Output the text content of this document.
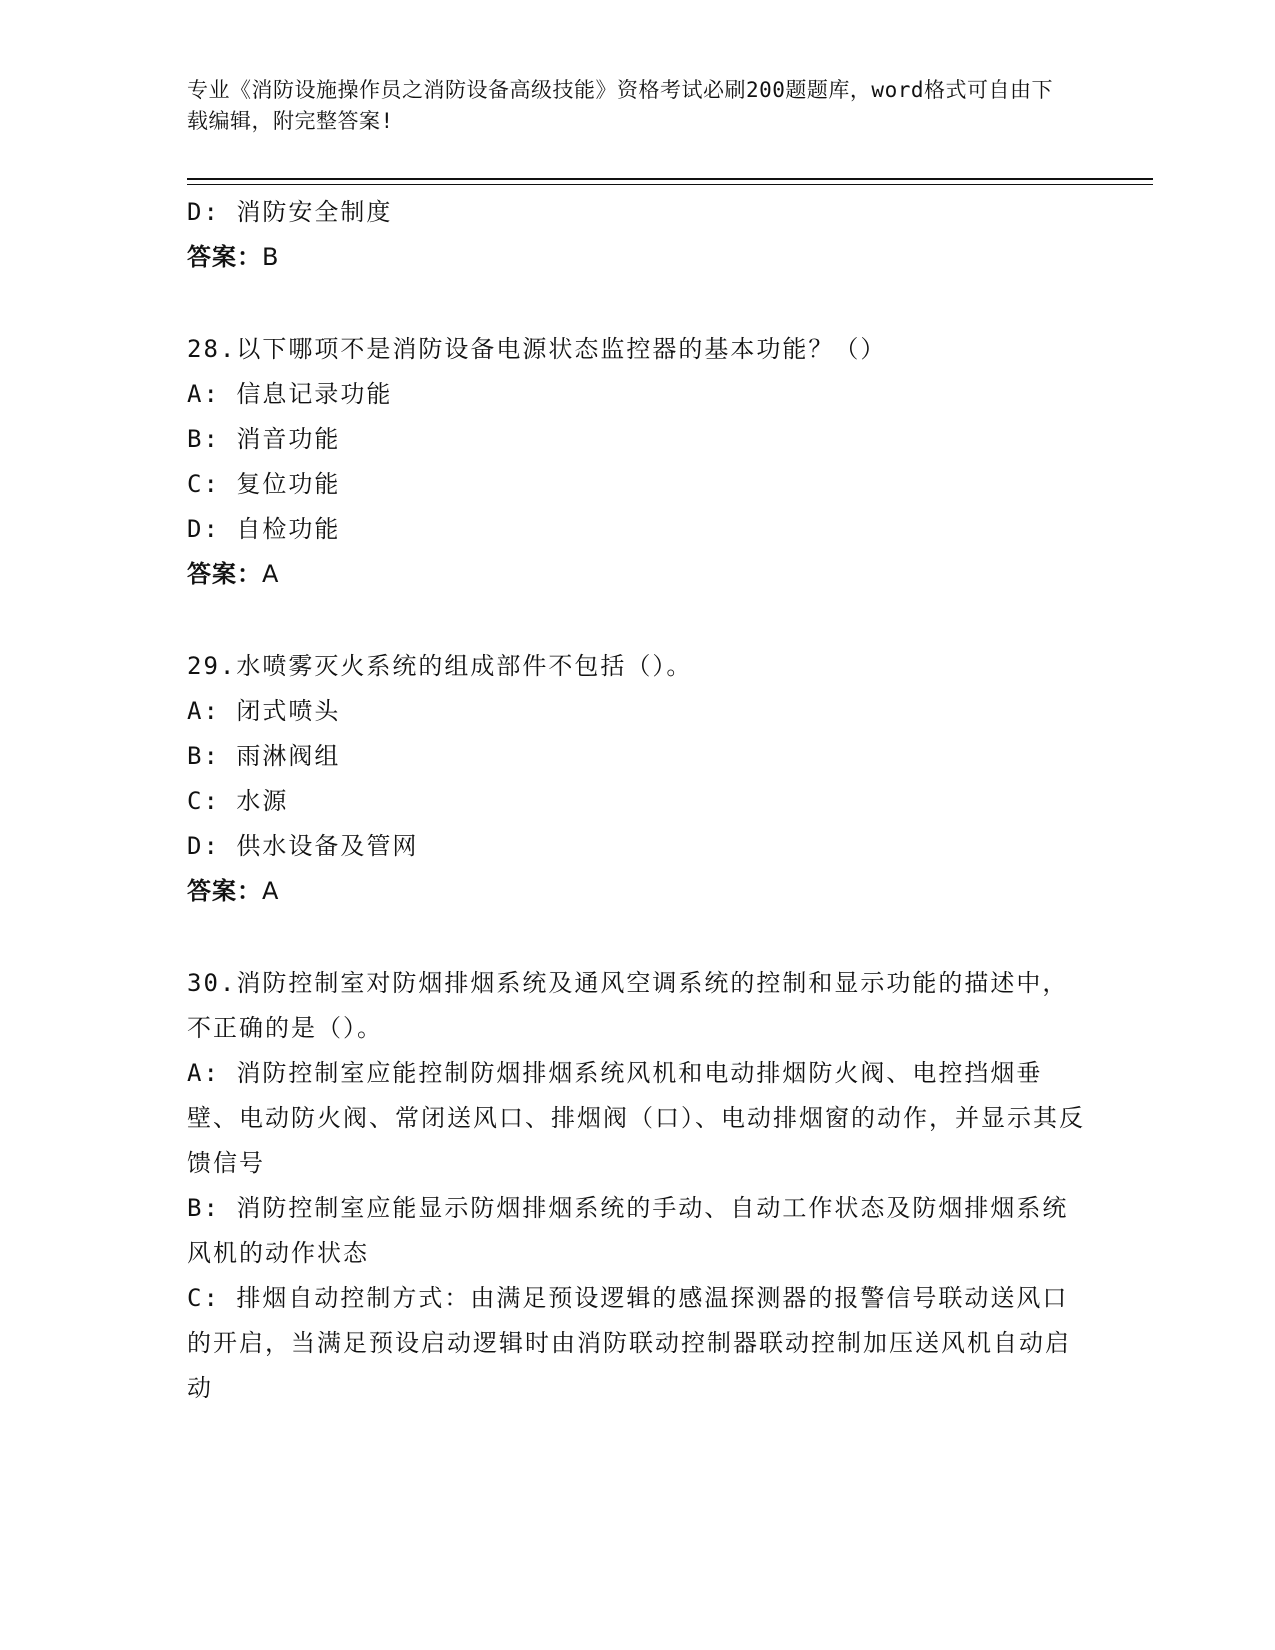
专业《消防设施操作员之消防设备高级技能》资格考试必刷200题题库，word格式可自由下载编辑，附完整答案!
D: 消防安全制度
答案：B
28.以下哪项不是消防设备电源状态监控器的基本功能？（）
A: 信息记录功能
B: 消音功能
C: 复位功能
D: 自检功能
答案：A
29.水喷雾灭火系统的组成部件不包括（）。
A: 闭式喷头
B: 雨淋阀组
C: 水源
D: 供水设备及管网
答案：A
30.消防控制室对防烟排烟系统及通风空调系统的控制和显示功能的描述中，不正确的是（）。
A: 消防控制室应能控制防烟排烟系统风机和电动排烟防火阀、电控挡烟垂壁、电动防火阀、常闭送风口、排烟阀（口）、电动排烟窗的动作，并显示其反馈信号
B: 消防控制室应能显示防烟排烟系统的手动、自动工作状态及防烟排烟系统风机的动作状态
C: 排烟自动控制方式：由满足预设逻辑的感温探测器的报警信号联动送风口的开启，当满足预设启动逻辑时由消防联动控制器联动控制加压送风机自动启动
